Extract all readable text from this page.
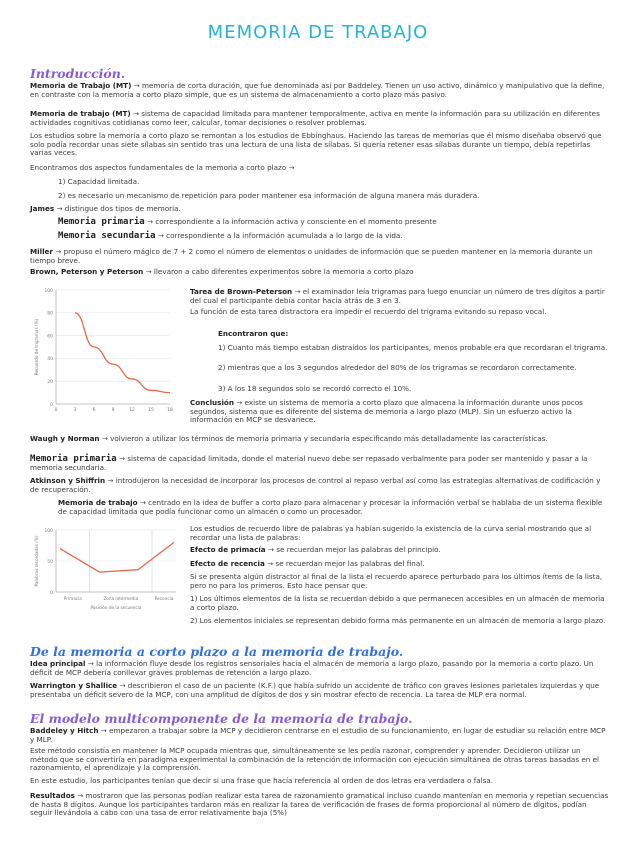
MEMORIA DE TRABAJO
Introducción.
Memoria de Trabajo (MT) → memoria de corta duración, que fue denominada así por Baddeley. Tienen un uso activo, dinámico y manipulativo que la define, en contraste con la memoria a corto plazo simple, que es un sistema de almacenamiento a corto plazo más pasivo.
Memoria de trabajo (MT) → sistema de capacidad limitada para mantener temporalmente, activa en mente la información para su utilización en diferentes actividades cognitivas cotidianas como leer, calcular, tomar decisiones o resolver problemas.
Los estudios sobre la memoria a corto plazo se remontan a los estudios de Ebbinghaus. Haciendo las tareas de memorias que él mismo diseñaba observó que solo podía recordar unas siete sílabas sin sentido tras una lectura de una lista de sílabas. Si quería retener esas sílabas durante un tiempo, debía repetirlas varias veces.
Encontramos dos aspectos fundamentales de la memoria a corto plazo →
1) Capacidad limitada.
2) es necesario un mecanismo de repetición para poder mantener esa información de alguna manera más duradera.
James → distingue dos tipos de memoria.
Memoria primaria → correspondiente a la información activa y consciente en el momento presente
Memoria secundaria → correspondiente a la información acumulada a lo largo de la vida.
Miller → propuso el número mágico de 7 + 2 como el número de elementos o unidades de información que se pueden mantener en la memoria durante un tiempo breve.
Brown, Peterson y Peterson → llevaron a cabo diferentes experimentos sobre la memoria a corto plazo
0
20
40
60
80
100
0	3	6	9	12	15	18
Recuerdo de trigramas (%)
Tarea de Brown-Peterson → el examinador leía trigramas para luego enunciar un número de tres dígitos a partir del cual el participante debía contar hacia atrás de 3 en 3.
La función de esta tarea distractora era impedir el recuerdo del trigrama evitando su repaso vocal.
Encontraron que:
1) Cuanto más tiempo estaban distraídos los participantes, menos probable era que recordaran el trigrama.
2) mientras que a los 3 segundos alrededor del 80% de los trigramas se recordaron correctamente.
3) A los 18 segundos solo se recordó correcto el 10%.
Conclusión → existe un sistema de memoria a corto plazo que almacena la información durante unos pocos segundos, sistema que es diferente del sistema de memoria a largo plazo (MLP). Sin un esfuerzo activo la información en MCP se desvanece.
Waugh y Norman → volvieron a utilizar los términos de memoria primaria y secundaria especificando más detalladamente las características.
Memoria primaria → sistema de capacidad limitada, donde el material nuevo debe ser repasado verbalmente para poder ser mantenido y pasar a la memoria secundaria.
Atkinson y Shiffrin → introdujeron la necesidad de incorporar los procesos de control al repaso verbal así como las estrategias alternativas de codificación y de recuperación.
Memoria de trabajo → centrado en la idea de buffer a corto plazo para almacenar y procesar la información verbal se hablaba de un sistema flexible de capacidad limitada que podía funcionar como un almacén o como un procesador.
0
50
100
Primacía	Zona intermedia	Recencia
Posición de la secuencia
Palabras recordadas (%)
Los estudios de recuerdo libre de palabras ya habían sugerido la existencia de la curva serial mostrando que al recordar una lista de palabras:
Efecto de primacía → se recuerdan mejor las palabras del principio.
Efecto de recencia → se recuerdan mejor las palabras del final.
Si se presenta algún distractor al final de la lista el recuerdo aparece perturbado para los últimos ítems de la lista, pero no para los primeros. Esto hace pensar que:
1) Los últimos elementos de la lista se recuerdan debido a que permanecen accesibles en un almacén de memoria a corto plazo.
2) Los elementos iniciales se representan debido forma más permanente en un almacén de memoria a largo plazo.
De la memoria a corto plazo a la memoria de trabajo.
Idea principal → la información fluye desde los registros sensoriales hacia el almacén de memoria a largo plazo, pasando por la memoria a corto plazo. Un déficit de MCP debería conllevar graves problemas de retención a largo plazo.
Warrington y Shallice → describieron el caso de un paciente (K.F.) que había sufrido un accidente de tráfico con graves lesiones parietales izquierdas y que presentaba un déficit severo de la MCP, con una amplitud de dígitos de dos y sin mostrar efecto de recencia. La tarea de MLP era normal.
El modelo multicomponente de la memoria de trabajo.
Baddeley y Hitch → empezaron a trabajar sobre la MCP y decidieron centrarse en el estudio de su funcionamiento, en lugar de estudiar su relación entre MCP y MLP.
Este método consistía en mantener la MCP ocupada mientras que, simultáneamente se les pedía razonar, comprender y aprender. Decidieron utilizar un método que se convertiría en paradigma experimental la combinación de la retención de información con ejecución simultánea de otras tareas basadas en el razonamiento, el aprendizaje y la comprensión.
En este estudio, los participantes tenían que decir si una frase que hacía referencia al orden de dos letras era verdadera o falsa.
Resultados → mostraron que las personas podían realizar esta tarea de razonamiento gramatical incluso cuando mantenían en memoria y repetían secuencias de hasta 8 dígitos. Aunque los participantes tardaron más en realizar la tarea de verificación de frases de forma proporcional al número de dígitos, podían seguir llevándola a cabo con una tasa de error relativamente baja (5%)
